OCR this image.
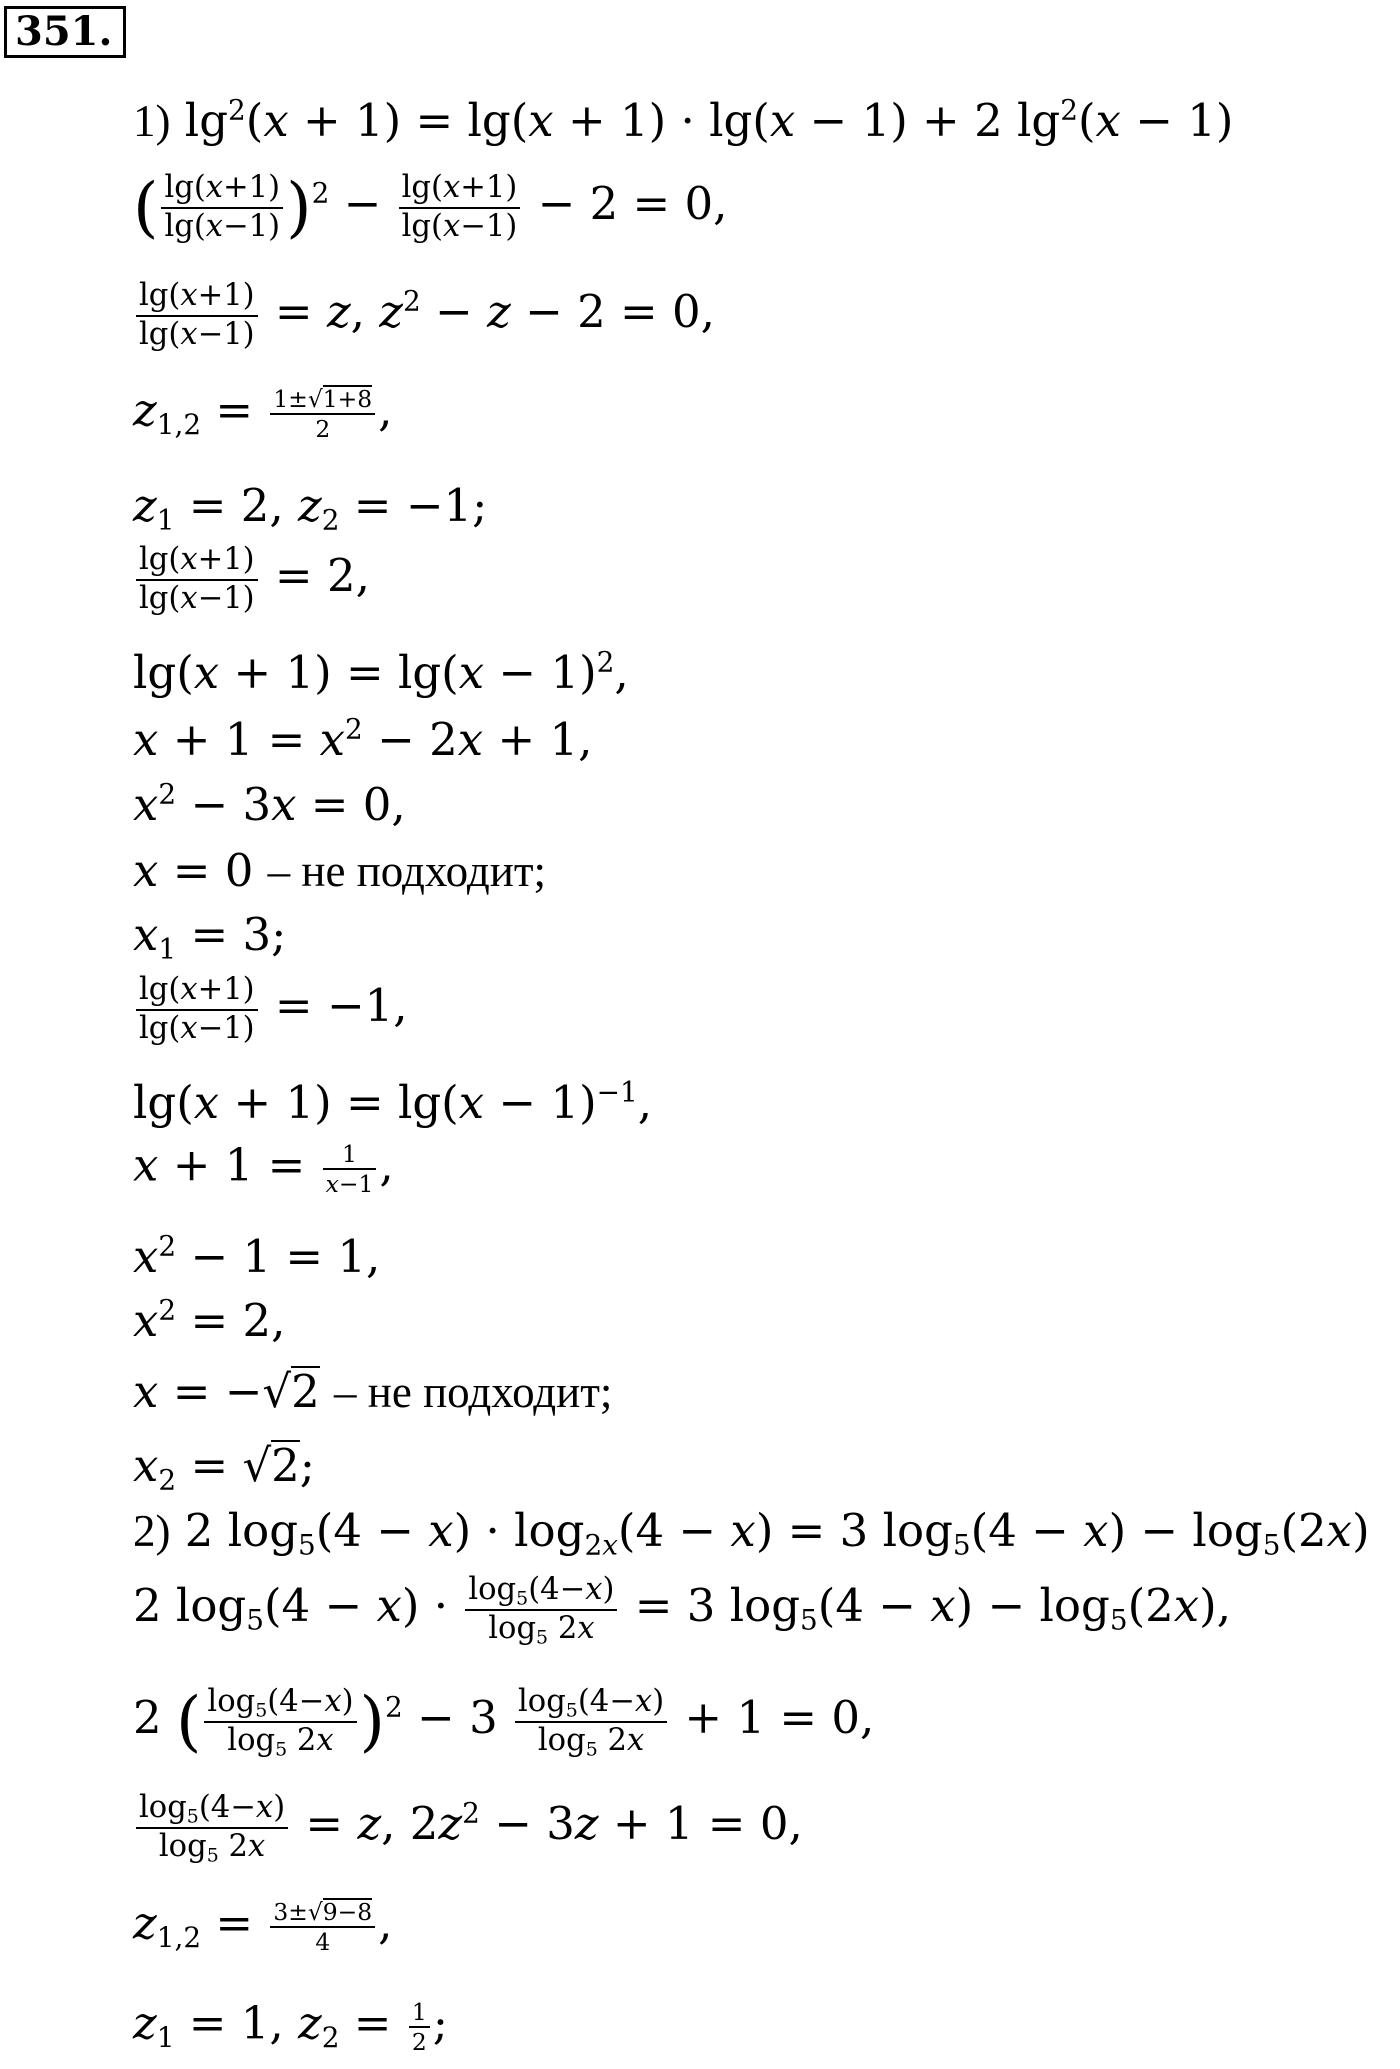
351.
1) $\lg^2(x + 1) = \lg(x + 1) \cdot \lg(x - 1) + 2$ $\lg^2(x - 1)$
( $\frac{\lg(x+1)}{\lg(x-1)} )^2 - \frac{\lg(x+1)}{\lg(x-1)} - 2 = 0$,
$\frac{\lg(x+1)}{\lg(x-1)} = z$, $z^2 - z - 2 = 0$,
$z_{1,2} = \frac{1\pm√1+8}{2}$ ,
$z_1 = 2$, $z_2 = -1$;
$\frac{\lg(x+1)}{\lg(x-1)} = 2$,
$\lg(x + 1) = \lg(x - 1)^2$,
$x + 1 = x^2 - 2x + 1$,
$x^2 - 3x = 0$,
x = 0 – не подходит;
$x_1 = 3$;
$\frac{\lg(x+1)}{\lg(x-1)} = -1$,
$\lg(x + 1) = \lg(x - 1)^{-1}$,
$x + 1 = \frac{1}{x-1}$ ,
$x^2 - 1 = 1$,
$x^2 = 2$,
x = −√2 – не подходит;
$x_2 = √2$;
2) 2 $\log_5(4 - x) \cdot \log_{2x}(4 - x) = 3$ $\log_5(4 - x) - \log_5(2x)$
2 $\log_5(4 - x) \cdot \frac{\log_5(4-x)}{\log_5 2x} = 3$ $\log_5(4 - x) - \log_5(2x)$,
2 ( $\frac{\log_5(4-x)}{\log_5 2x} )^2 - 3 \frac{\log_5(4-x)}{\log_5 2x} + 1 = 0$,
$\frac{\log_5(4-x)}{\log_5 2x} = z$, $2z^2 - 3z + 1 = 0$,
$z_{1,2} = \frac{3\pm√9-8}{4}$ ,
$z_1 = 1$, $z_2 = \frac{1}{2}$ ;
